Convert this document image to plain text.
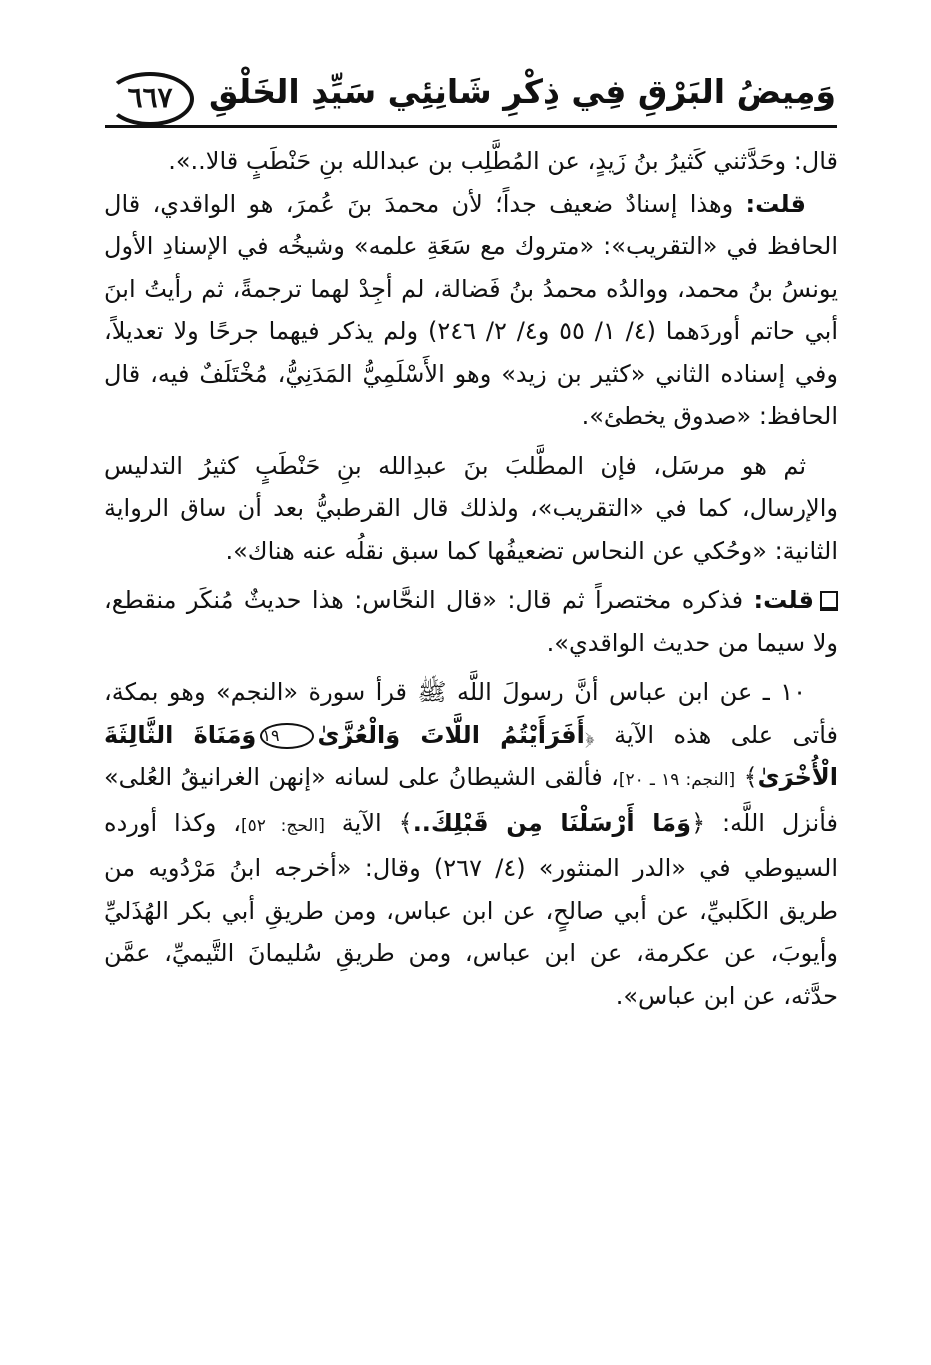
٦٦٧	وَمِيضُ البَرْقِ فِي ذِكْرِ شَانِئِي سَيِّدِ الخَلْقِ

قال: وحَدَّثني كَثيرُ بنُ زَيدٍ، عن المُطَّلِب بن عبدالله بنِ حَنْطَبٍ قالا..».

قلت: وهذا إسنادٌ ضعيف جداً؛ لأن محمدَ بنَ عُمرَ، هو الواقدي، قال الحافظ في «التقريب»: «متروك مع سَعَةِ علمه» وشيخُه في الإسنادِ الأول يونسُ بنُ محمد، ووالدُه محمدُ بنُ فَضالة، لم أجِدْ لهما ترجمةً، ثم رأيتُ ابنَ أبي حاتم أوردَهما (٤/ ١/ ٥٥ و٤/ ٢/ ٢٤٦) ولم يذكر فيهما جرحًا ولا تعديلاً، وفي إسناده الثاني «كثير بن زيد» وهو الأَسْلَمِيُّ المَدَنِيُّ، مُخْتَلَفٌ فيه، قال الحافظ: «صدوق يخطئ».

ثم هو مرسَل، فإن المطَّلبَ بنَ عبدِالله بنِ حَنْطَبٍ كثيرُ التدليس والإرسال، كما في «التقريب»، ولذلك قال القرطبيُّ بعد أن ساق الرواية الثانية: «وحُكي عن النحاس تضعيفُها كما سبق نقلُه عنه هناك».

قلت: فذكره مختصراً ثم قال: «قال النحَّاس: هذا حديثٌ مُنكَر منقطع، ولا سيما من حديث الواقدي».

١٠ ـ عن ابن عباس أنَّ رسولَ اللَّه ﷺ قرأ سورة «النجم» وهو بمكة، فأتى على هذه الآية ﴿أَفَرَأَيْتُمُ اللَّاتَ وَالْعُزَّىٰ١٩وَمَنَاةَ الثَّالِثَةَ الْأُخْرَىٰ﴾ [النجم: ١٩ ـ ٢٠]، فألقى الشيطانُ على لسانه «إنهن الغرانيقُ العُلى» فأنزل اللَّه: ﴿وَمَا أَرْسَلْنَا مِن قَبْلِكَ..﴾ الآية [الحج: ٥٢]، وكذا أورده السيوطي في «الدر المنثور» (٤/ ٢٦٧) وقال: «أخرجه ابنُ مَرْدُويه من طريق الكَلبيِّ، عن أبي صالحٍ، عن ابن عباس، ومن طريقِ أبي بكر الهُذَليِّ وأيوبَ، عن عكرمة، عن ابن عباس، ومن طريقِ سُليمانَ التَّيميِّ، عمَّن حدَّثه، عن ابن عباس».
